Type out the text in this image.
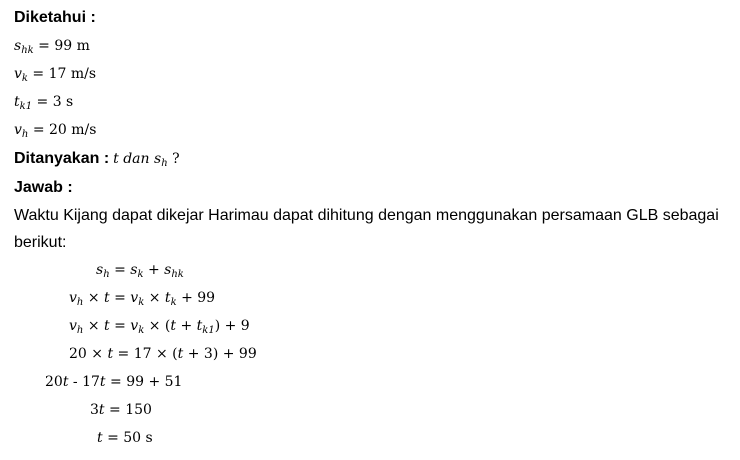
Diketahui :
$s_{hk} = 99$ m
$v_k = 17$ m/s
$t_{k1} = 3$ s
$v_h = 20$ m/s
Ditanyakan : t dan $s_h$ ?
Jawab :
Waktu Kijang dapat dikejar Harimau dapat dihitung dengan menggunakan persamaan GLB sebagai
berikut:
$s_h = s_k + s_{hk}$
$v_h \times t = v_k \times t_k + 99$
$v_h \times t = v_k \times (t + t_{k1}) + 9$
20 × t = 17 × (t + 3) + 99
20t - 17t = 99 + 51
3t = 150
t = 50 s
